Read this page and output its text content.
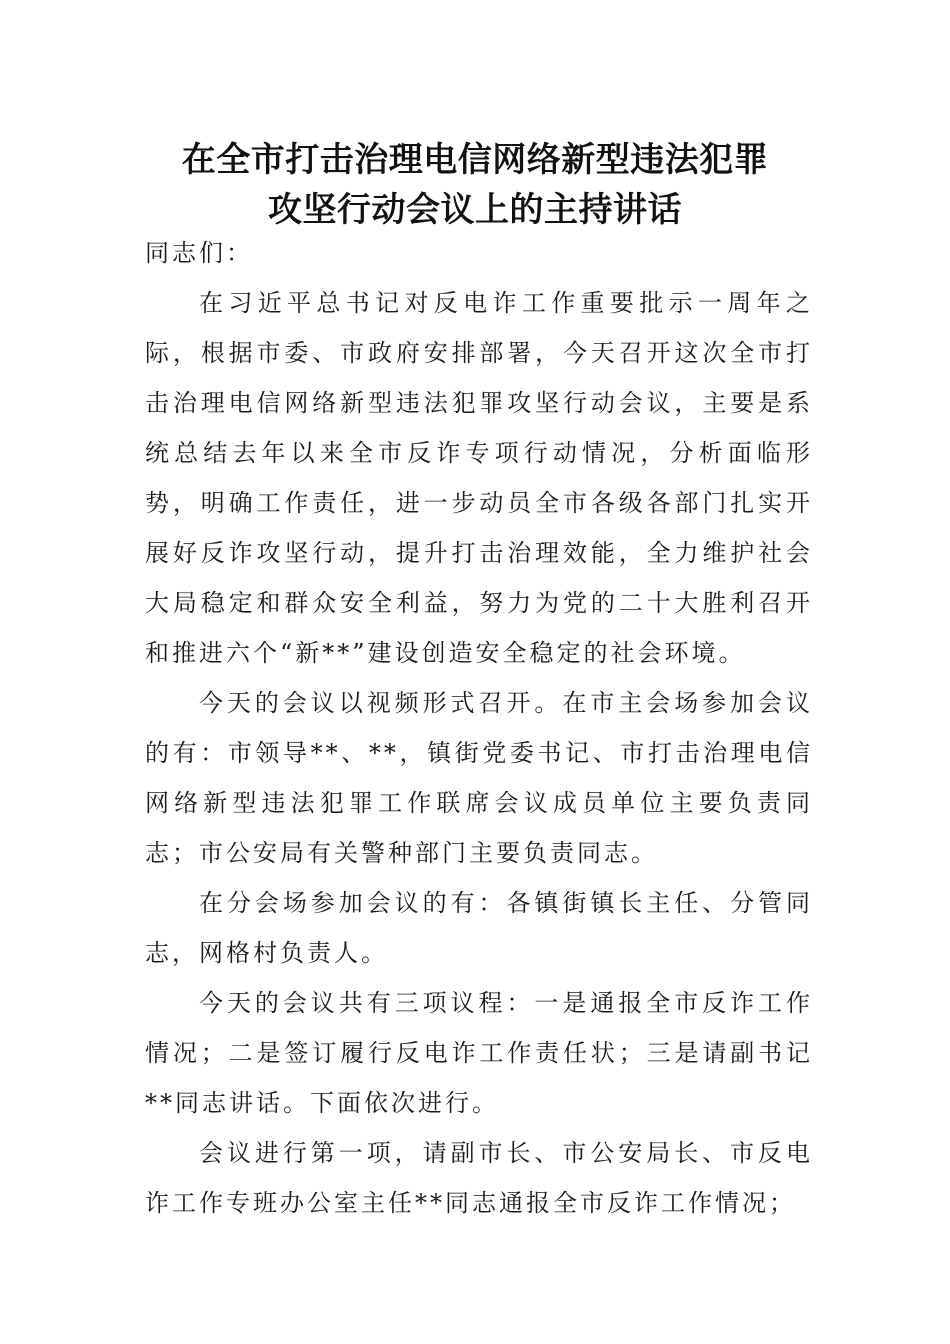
在全市打击治理电信网络新型违法犯罪
攻坚行动会议上的主持讲话

同志们：

在习近平总书记对反电诈工作重要批示一周年之际，根据市委、市政府安排部署，今天召开这次全市打击治理电信网络新型违法犯罪攻坚行动会议，主要是系统总结去年以来全市反诈专项行动情况，分析面临形势，明确工作责任，进一步动员全市各级各部门扎实开展好反诈攻坚行动，提升打击治理效能，全力维护社会大局稳定和群众安全利益，努力为党的二十大胜利召开和推进六个“新**”建设创造安全稳定的社会环境。

今天的会议以视频形式召开。在市主会场参加会议的有：市领导**、**，镇街党委书记、市打击治理电信网络新型违法犯罪工作联席会议成员单位主要负责同志；市公安局有关警种部门主要负责同志。

在分会场参加会议的有：各镇街镇长主任、分管同志，网格村负责人。

今天的会议共有三项议程：一是通报全市反诈工作情况；二是签订履行反电诈工作责任状；三是请副书记**同志讲话。下面依次进行。

会议进行第一项，请副市长、市公安局长、市反电诈工作专班办公室主任**同志通报全市反诈工作情况；
